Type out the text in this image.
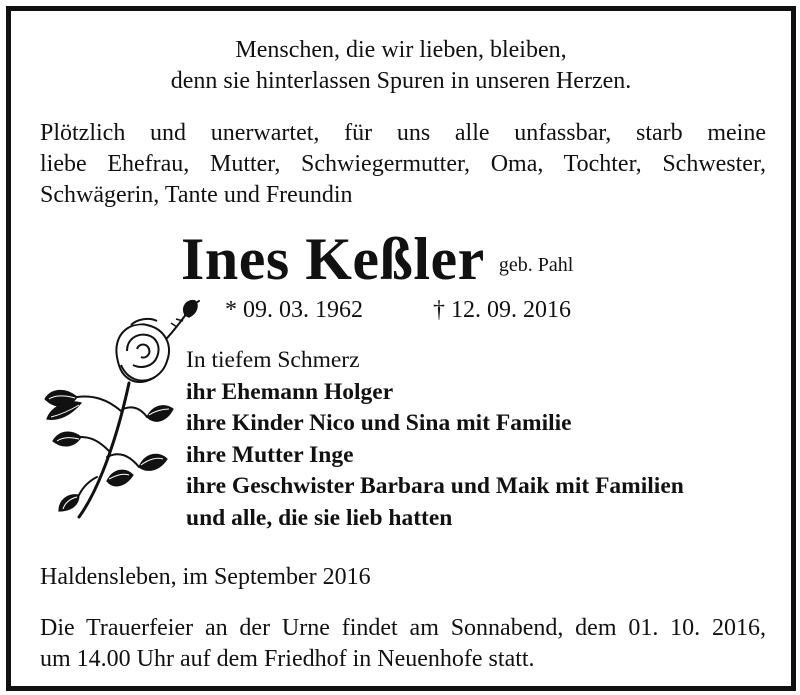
Menschen, die wir lieben, bleiben,
denn sie hinterlassen Spuren in unseren Herzen.
Plötzlich und unerwartet, für uns alle unfassbar, starb meine
liebe Ehefrau, Mutter, Schwiegermutter, Oma, Tochter, Schwester,
Schwägerin, Tante und Freundin
Ines Keßler geb. Pahl
* 09. 03. 1962	† 12. 09. 2016
In tiefem Schmerz
ihr Ehemann Holger
ihre Kinder Nico und Sina mit Familie
ihre Mutter Inge
ihre Geschwister Barbara und Maik mit Familien
und alle, die sie lieb hatten
Haldensleben, im September 2016
Die Trauerfeier an der Urne findet am Sonnabend, dem 01. 10. 2016,
um 14.00 Uhr auf dem Friedhof in Neuenhofe statt.
